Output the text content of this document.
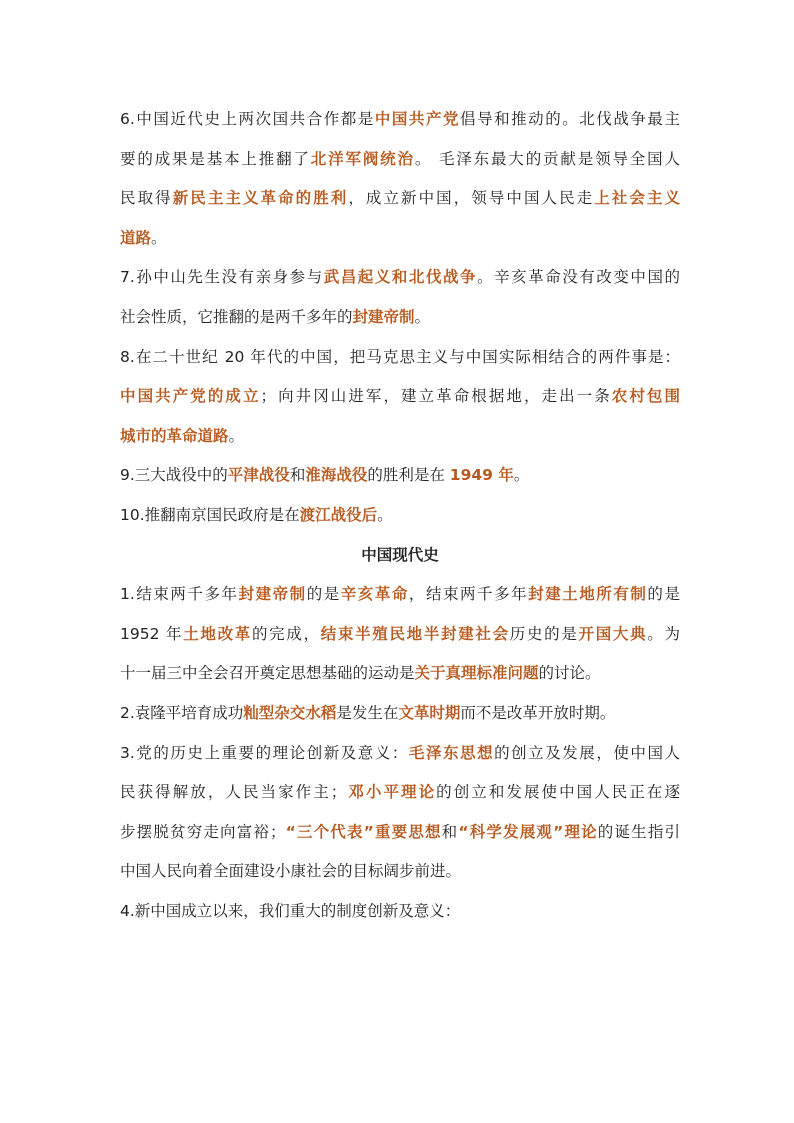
6.中国近代史上两次国共合作都是中国共产党倡导和推动的。北伐战争最主
要的成果是基本上推翻了北洋军阀统治。 毛泽东最大的贡献是领导全国人
民取得新民主主义革命的胜利，成立新中国，领导中国人民走上社会主义
道路。
7.孙中山先生没有亲身参与武昌起义和北伐战争。辛亥革命没有改变中国的
社会性质，它推翻的是两千多年的封建帝制。
8.在二十世纪 20 年代的中国，把马克思主义与中国实际相结合的两件事是：
中国共产党的成立；向井冈山进军，建立革命根据地，走出一条农村包围
城市的革命道路。
9.三大战役中的平津战役和淮海战役的胜利是在 1949 年。
10.推翻南京国民政府是在渡江战役后。
中国现代史
1.结束两千多年封建帝制的是辛亥革命，结束两千多年封建土地所有制的是
1952 年土地改革的完成，结束半殖民地半封建社会历史的是开国大典。为
十一届三中全会召开奠定思想基础的运动是关于真理标准问题的讨论。
2.袁隆平培育成功籼型杂交水稻是发生在文革时期而不是改革开放时期。
3.党的历史上重要的理论创新及意义：毛泽东思想的创立及发展，使中国人
民获得解放，人民当家作主；邓小平理论的创立和发展使中国人民正在逐
步摆脱贫穷走向富裕；“三个代表”重要思想和“科学发展观”理论的诞生指引
中国人民向着全面建设小康社会的目标阔步前进。
4.新中国成立以来，我们重大的制度创新及意义：
